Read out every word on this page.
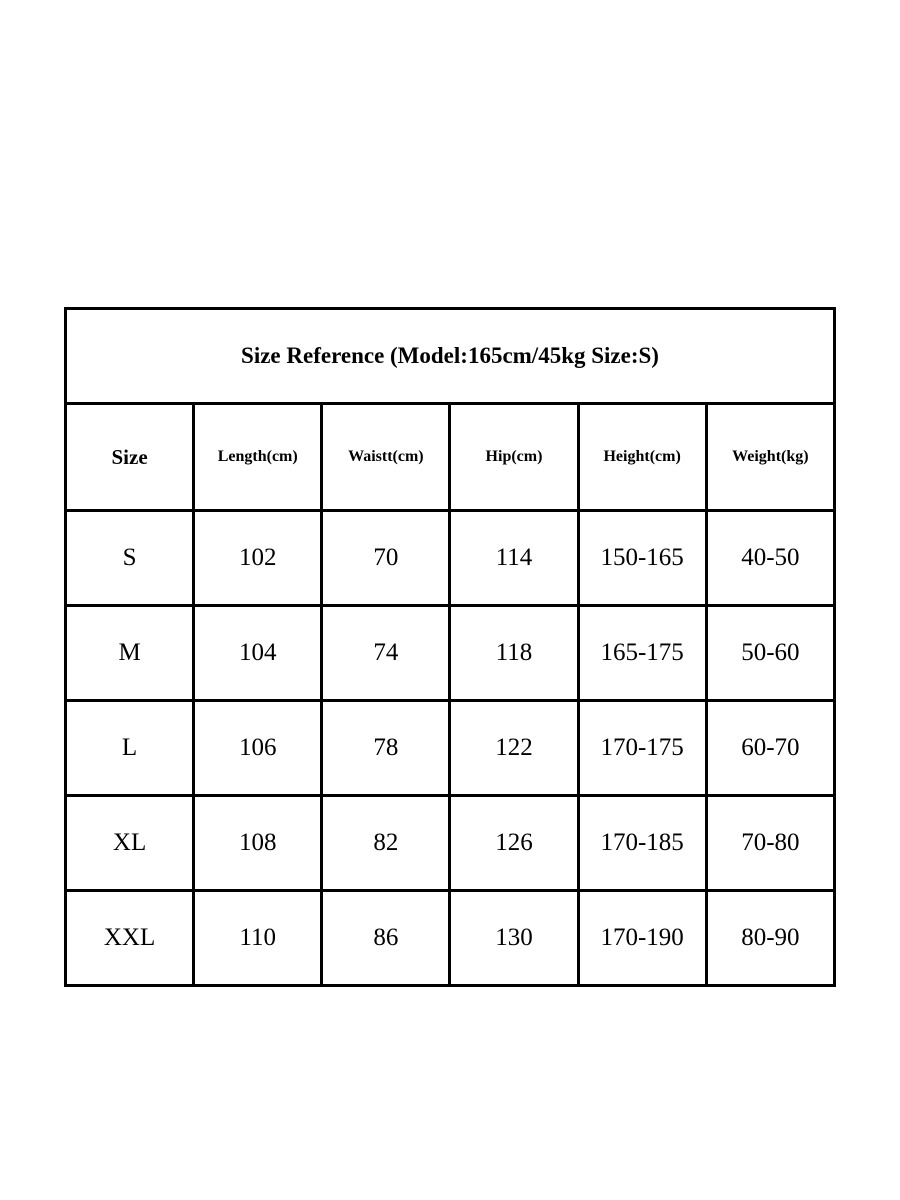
Size Reference (Model:165cm/45kg Size:S)					
Size	Length(cm)	Waistt(cm)	Hip(cm)	Height(cm)	Weight(kg)
S	102	70	114	150-165	40-50
M	104	74	118	165-175	50-60
L	106	78	122	170-175	60-70
XL	108	82	126	170-185	70-80
XXL	110	86	130	170-190	80-90
